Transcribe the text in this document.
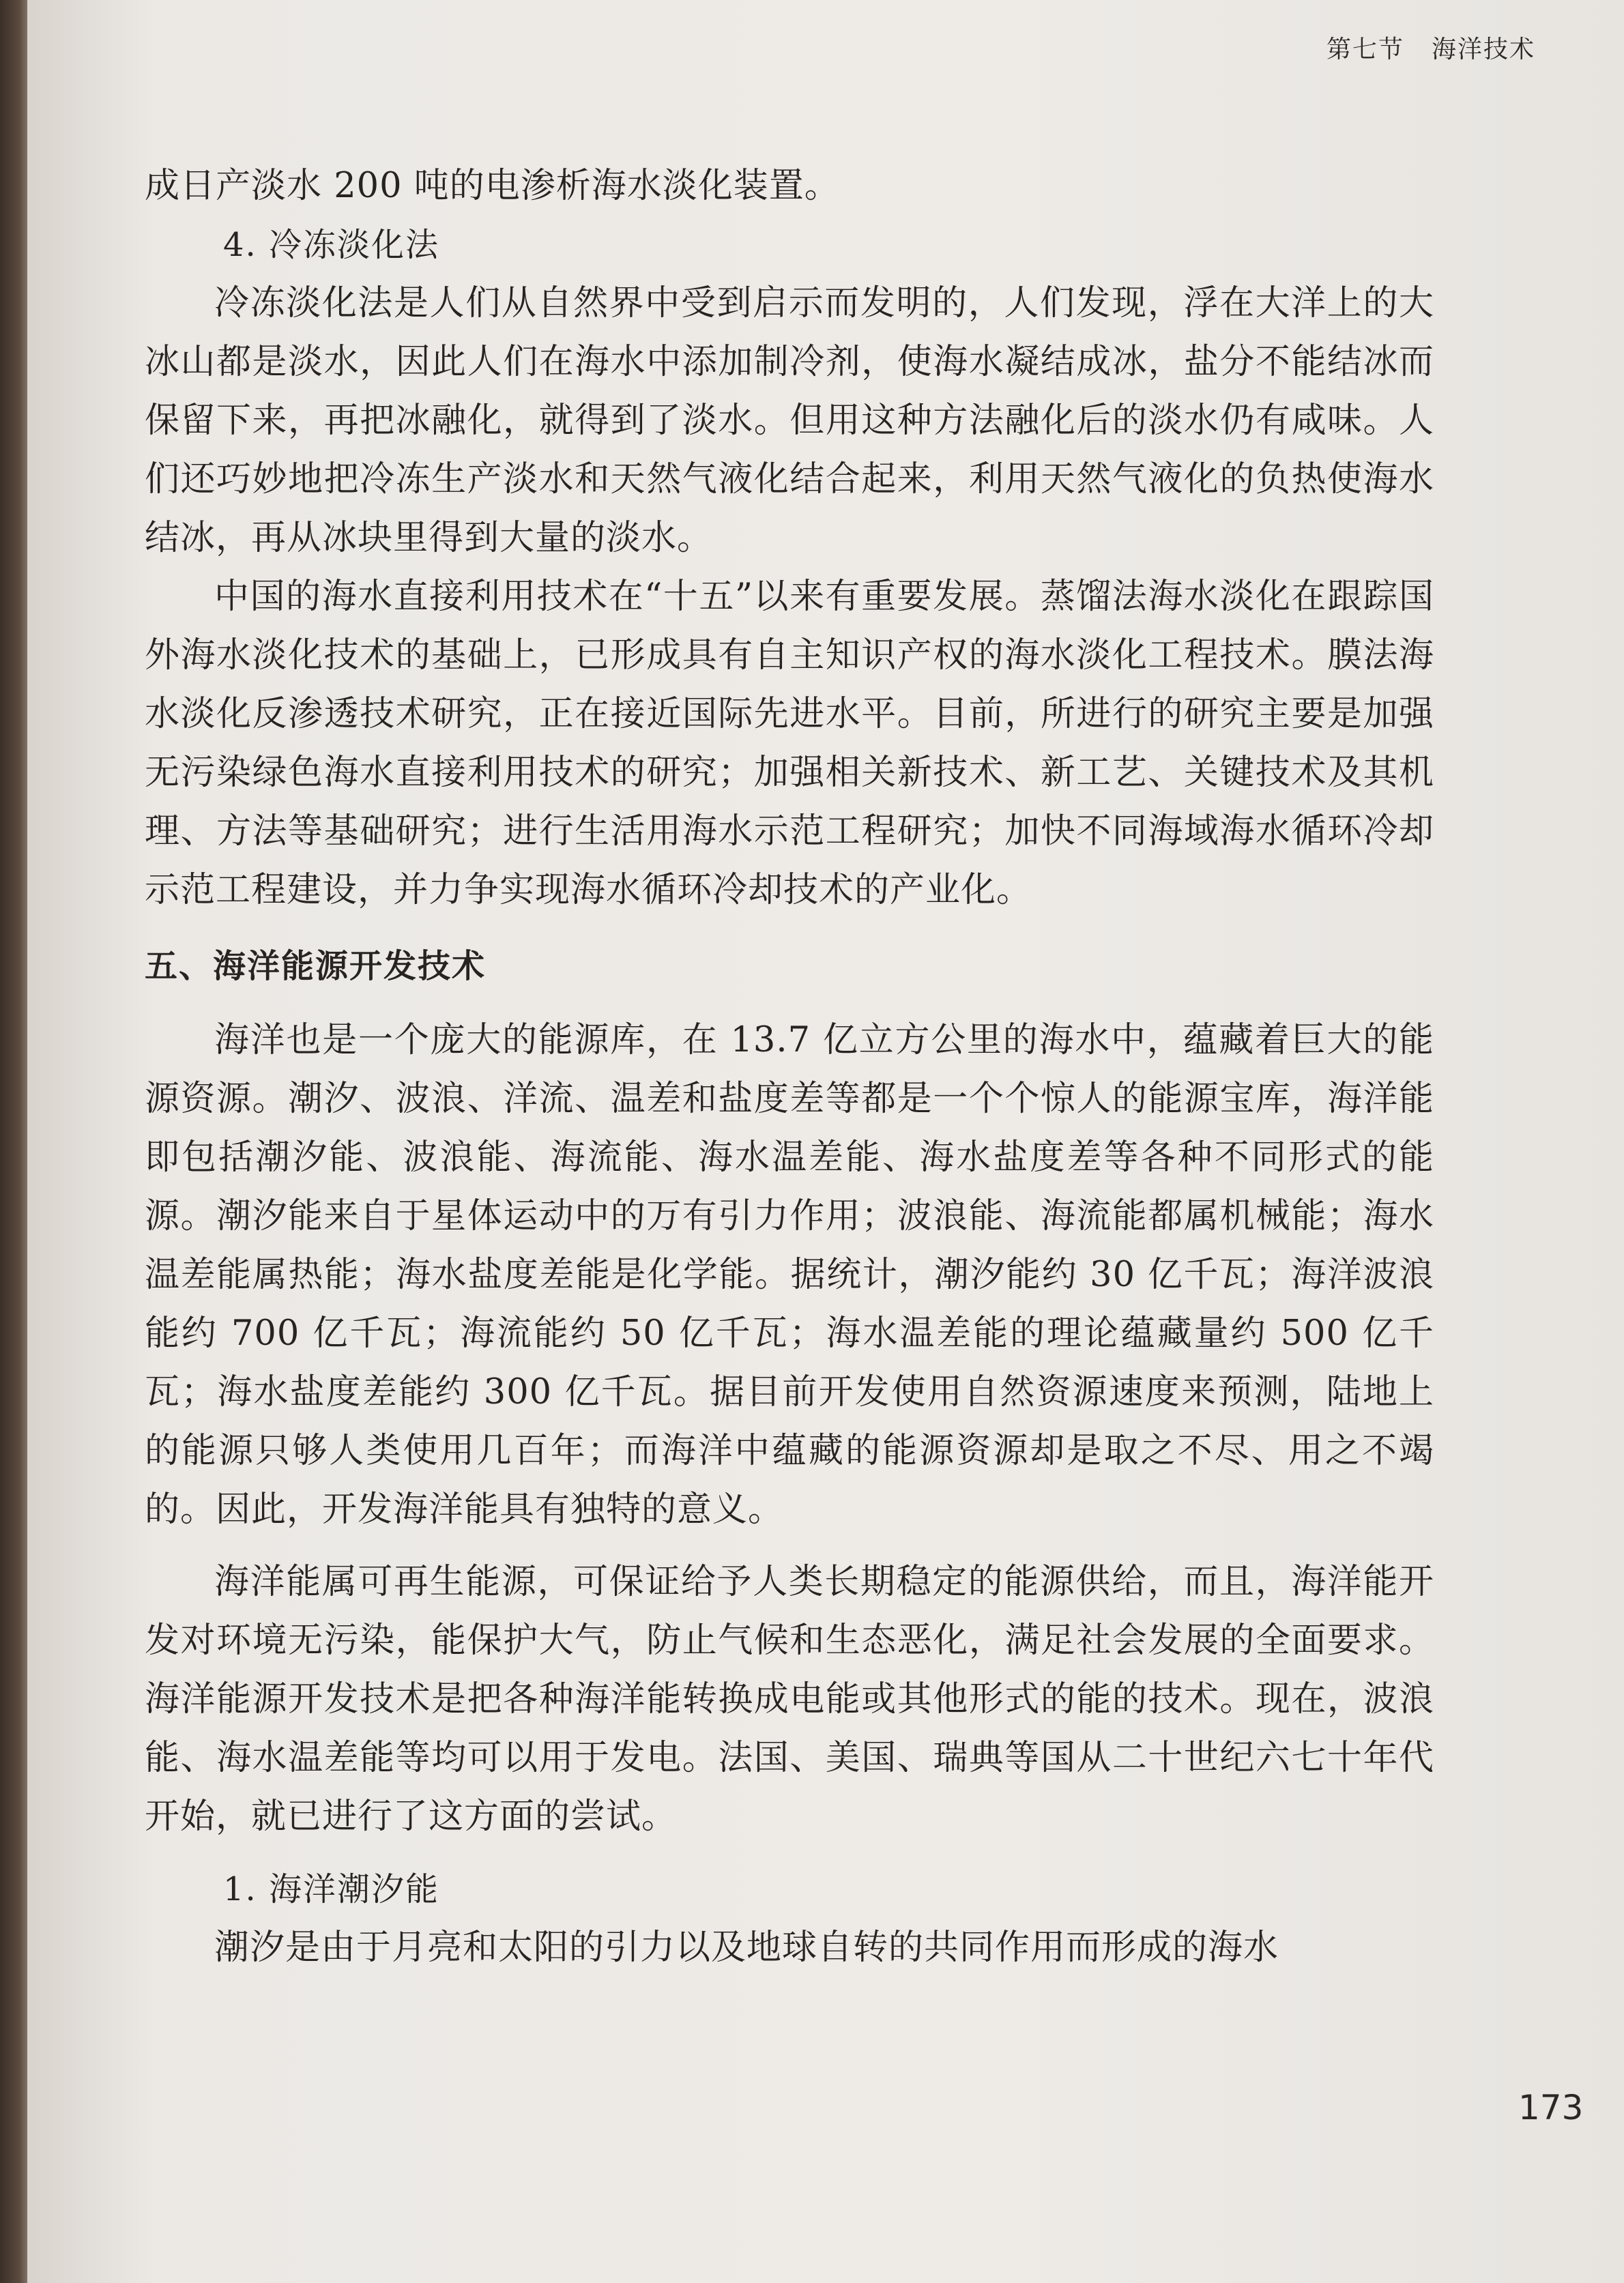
第七节 海洋技术

成日产淡水 200 吨的电渗析海水淡化装置。

4. 冷冻淡化法

冷冻淡化法是人们从自然界中受到启示而发明的，人们发现，浮在大洋上的大冰山都是淡水，因此人们在海水中添加制冷剂，使海水凝结成冰，盐分不能结冰而保留下来，再把冰融化，就得到了淡水。但用这种方法融化后的淡水仍有咸味。人们还巧妙地把冷冻生产淡水和天然气液化结合起来，利用天然气液化的负热使海水结冰，再从冰块里得到大量的淡水。

中国的海水直接利用技术在“十五”以来有重要发展。蒸馏法海水淡化在跟踪国外海水淡化技术的基础上，已形成具有自主知识产权的海水淡化工程技术。膜法海水淡化反渗透技术研究，正在接近国际先进水平。目前，所进行的研究主要是加强无污染绿色海水直接利用技术的研究；加强相关新技术、新工艺、关键技术及其机理、方法等基础研究；进行生活用海水示范工程研究；加快不同海域海水循环冷却示范工程建设，并力争实现海水循环冷却技术的产业化。

五、海洋能源开发技术

海洋也是一个庞大的能源库，在 13.7 亿立方公里的海水中，蕴藏着巨大的能源资源。潮汐、波浪、洋流、温差和盐度差等都是一个个惊人的能源宝库，海洋能即包括潮汐能、波浪能、海流能、海水温差能、海水盐度差等各种不同形式的能源。潮汐能来自于星体运动中的万有引力作用；波浪能、海流能都属机械能；海水温差能属热能；海水盐度差能是化学能。据统计，潮汐能约 30 亿千瓦；海洋波浪能约 700 亿千瓦；海流能约 50 亿千瓦；海水温差能的理论蕴藏量约 500 亿千瓦；海水盐度差能约 300 亿千瓦。据目前开发使用自然资源速度来预测，陆地上的能源只够人类使用几百年；而海洋中蕴藏的能源资源却是取之不尽、用之不竭的。因此，开发海洋能具有独特的意义。

海洋能属可再生能源，可保证给予人类长期稳定的能源供给，而且，海洋能开发对环境无污染，能保护大气，防止气候和生态恶化，满足社会发展的全面要求。海洋能源开发技术是把各种海洋能转换成电能或其他形式的能的技术。现在，波浪能、海水温差能等均可以用于发电。法国、美国、瑞典等国从二十世纪六七十年代开始，就已进行了这方面的尝试。

1. 海洋潮汐能

潮汐是由于月亮和太阳的引力以及地球自转的共同作用而形成的海水

173
